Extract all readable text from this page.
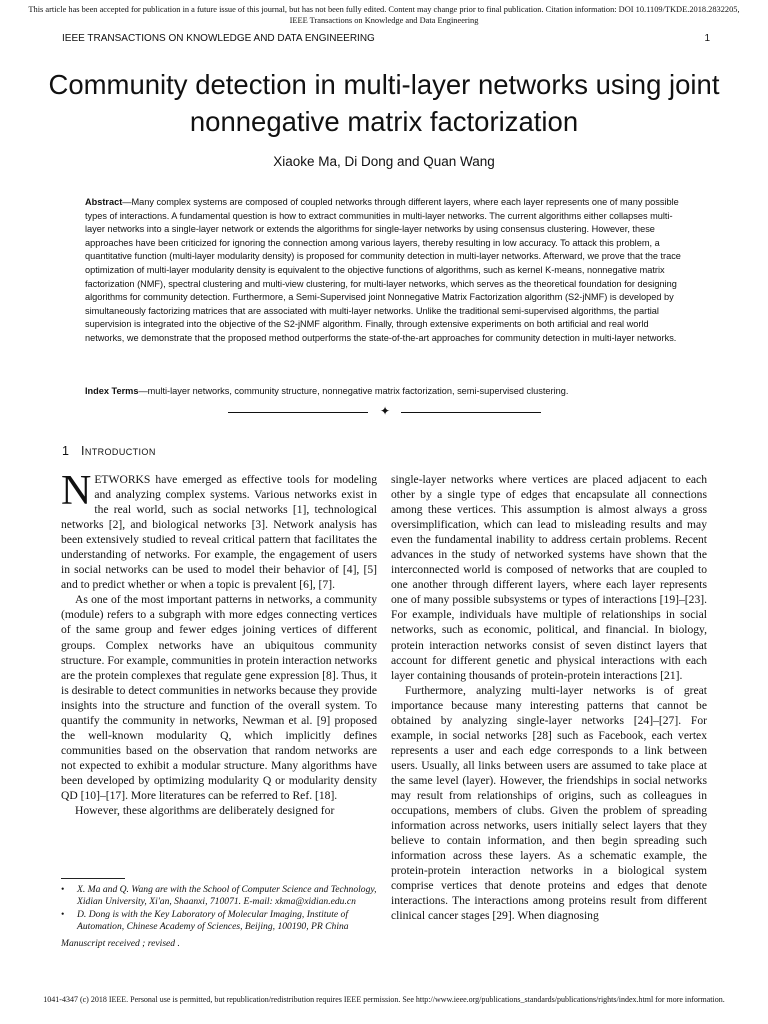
This article has been accepted for publication in a future issue of this journal, but has not been fully edited. Content may change prior to final publication. Citation information: DOI 10.1109/TKDE.2018.2832205, IEEE Transactions on Knowledge and Data Engineering
IEEE TRANSACTIONS ON KNOWLEDGE AND DATA ENGINEERING	1
Community detection in multi-layer networks using joint nonnegative matrix factorization
Xiaoke Ma, Di Dong and Quan Wang
Abstract—Many complex systems are composed of coupled networks through different layers, where each layer represents one of many possible types of interactions. A fundamental question is how to extract communities in multi-layer networks. The current algorithms either collapses multi-layer networks into a single-layer network or extends the algorithms for single-layer networks by using consensus clustering. However, these approaches have been criticized for ignoring the connection among various layers, thereby resulting in low accuracy. To attack this problem, a quantitative function (multi-layer modularity density) is proposed for community detection in multi-layer networks. Afterward, we prove that the trace optimization of multi-layer modularity density is equivalent to the objective functions of algorithms, such as kernel K-means, nonnegative matrix factorization (NMF), spectral clustering and multi-view clustering, for multi-layer networks, which serves as the theoretical foundation for designing algorithms for community detection. Furthermore, a Semi-Supervised joint Nonnegative Matrix Factorization algorithm (S2-jNMF) is developed by simultaneously factorizing matrices that are associated with multi-layer networks. Unlike the traditional semi-supervised algorithms, the partial supervision is integrated into the objective of the S2-jNMF algorithm. Finally, through extensive experiments on both artificial and real world networks, we demonstrate that the proposed method outperforms the state-of-the-art approaches for community detection in multi-layer networks.
Index Terms—multi-layer networks, community structure, nonnegative matrix factorization, semi-supervised clustering.
✦
1 Introduction

NETWORKS have emerged as effective tools for modeling and analyzing complex systems. Various networks exist in the real world, such as social networks [1], technological networks [2], and biological networks [3]. Network analysis has been extensively studied to reveal critical pattern that facilitates the understanding of networks. For example, the engagement of users in social networks can be used to model their behavior of [4], [5] and to predict whether or when a topic is prevalent [6], [7].

As one of the most important patterns in networks, a community (module) refers to a subgraph with more edges connecting vertices of the same group and fewer edges joining vertices of different groups. Complex networks have an ubiquitous community structure. For example, communities in protein interaction networks are the protein complexes that regulate gene expression [8]. Thus, it is desirable to detect communities in networks because they provide insights into the structure and function of the overall system. To quantify the community in networks, Newman et al. [9] proposed the well-known modularity Q, which implicitly defines communities based on the observation that random networks are not expected to exhibit a modular structure. Many algorithms have been developed by optimizing modularity Q or modularity density QD [10]–[17]. More literatures can be referred to Ref. [18].

However, these algorithms are deliberately designed for

single-layer networks where vertices are placed adjacent to each other by a single type of edges that encapsulate all connections among these vertices. This assumption is almost always a gross oversimplification, which can lead to misleading results and may even the fundamental inability to address certain problems. Recent advances in the study of networked systems have shown that the interconnected world is composed of networks that are coupled to one another through different layers, where each layer represents one of many possible subsystems or types of interactions [19]–[23]. For example, individuals have multiple of relationships in social networks, such as economic, political, and financial. In biology, protein interaction networks consist of seven distinct layers that account for different genetic and physical interactions with each layer containing thousands of protein-protein interactions [21].

Furthermore, analyzing multi-layer networks is of great importance because many interesting patterns that cannot be obtained by analyzing single-layer networks [24]–[27]. For example, in social networks [28] such as Facebook, each vertex represents a user and each edge corresponds to a link between users. Usually, all links between users are assumed to take place at the same level (layer). However, the friendships in social networks may result from relationships of origins, such as colleagues in occupations, members of clubs. Given the problem of spreading information across networks, users initially select layers that they believe to contain information, and then begin spreading such information across these layers. As a schematic example, the protein-protein interaction networks in a biological system comprise vertices that denote proteins and edges that denote interactions. The interactions among proteins result from different clinical cancer stages [29]. When diagnosing

•	X. Ma and Q. Wang are with the School of Computer Science and Technology, Xidian University, Xi'an, Shaanxi, 710071. E-mail: xkma@xidian.edu.cn
•	D. Dong is with the Key Laboratory of Molecular Imaging, Institute of Automation, Chinese Academy of Sciences, Beijing, 100190, PR China
Manuscript received ; revised .
1041-4347 (c) 2018 IEEE. Personal use is permitted, but republication/redistribution requires IEEE permission. See http://www.ieee.org/publications_standards/publications/rights/index.html for more information.
